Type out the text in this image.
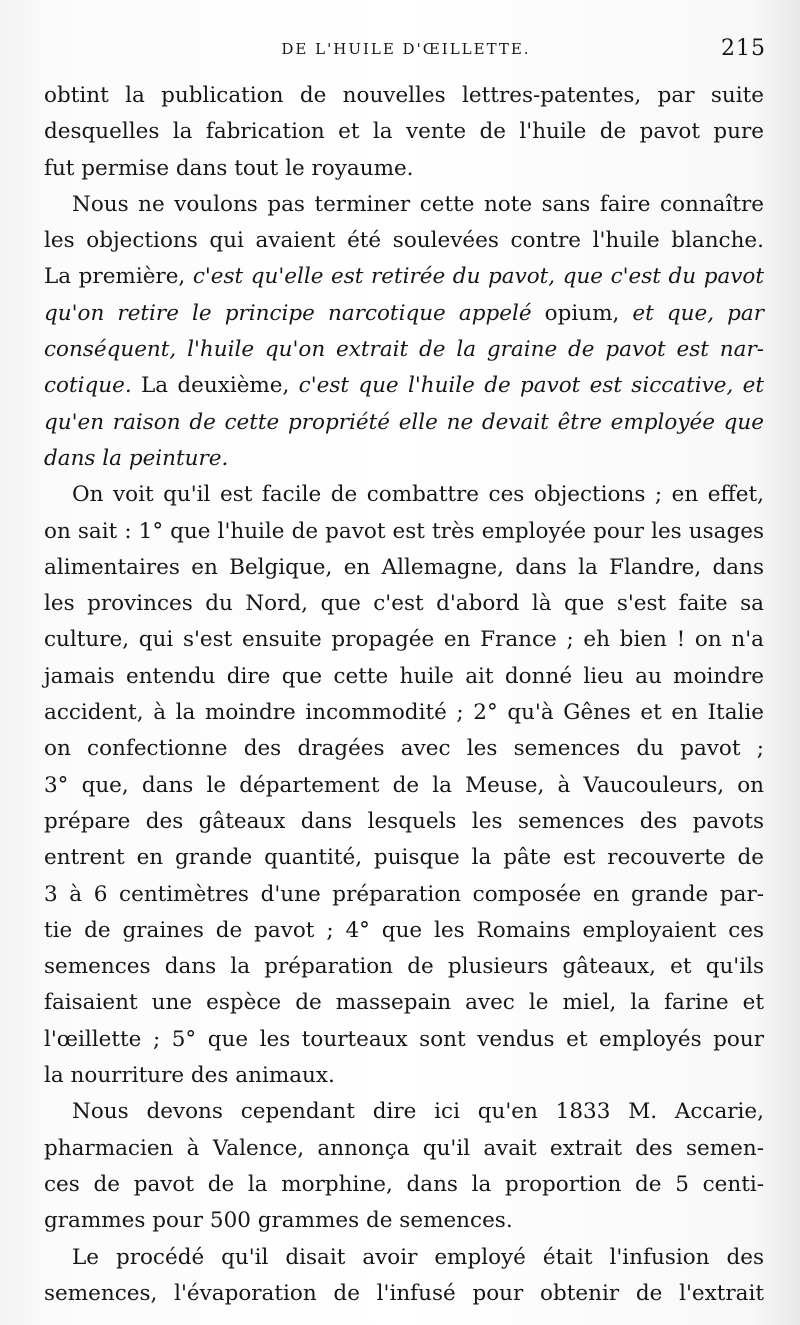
DE L'HUILE D'ŒILLETTE.	215

obtint la publication de nouvelles lettres-patentes, par suite

desquelles la fabrication et la vente de l'huile de pavot pure

fut permise dans tout le royaume.

Nous ne voulons pas terminer cette note sans faire connaître

les objections qui avaient été soulevées contre l'huile blanche.

La première, c'est qu'elle est retirée du pavot, que c'est du pavot

qu'on retire le principe narcotique appelé opium, et que, par

conséquent, l'huile qu'on extrait de la graine de pavot est nar-

cotique. La deuxième, c'est que l'huile de pavot est siccative, et

qu'en raison de cette propriété elle ne devait être employée que

dans la peinture.

On voit qu'il est facile de combattre ces objections ; en effet,

on sait : 1° que l'huile de pavot est très employée pour les usages

alimentaires en Belgique, en Allemagne, dans la Flandre, dans

les provinces du Nord, que c'est d'abord là que s'est faite sa

culture, qui s'est ensuite propagée en France ; eh bien ! on n'a

jamais entendu dire que cette huile ait donné lieu au moindre

accident, à la moindre incommodité ; 2° qu'à Gênes et en Italie

on confectionne des dragées avec les semences du pavot ;

3° que, dans le département de la Meuse, à Vaucouleurs, on

prépare des gâteaux dans lesquels les semences des pavots

entrent en grande quantité, puisque la pâte est recouverte de

3 à 6 centimètres d'une préparation composée en grande par-

tie de graines de pavot ; 4° que les Romains employaient ces

semences dans la préparation de plusieurs gâteaux, et qu'ils

faisaient une espèce de massepain avec le miel, la farine et

l'œillette ; 5° que les tourteaux sont vendus et employés pour

la nourriture des animaux.

Nous devons cependant dire ici qu'en 1833 M. Accarie,

pharmacien à Valence, annonça qu'il avait extrait des semen-

ces de pavot de la morphine, dans la proportion de 5 centi-

grammes pour 500 grammes de semences.

Le procédé qu'il disait avoir employé était l'infusion des

semences, l'évaporation de l'infusé pour obtenir de l'extrait
